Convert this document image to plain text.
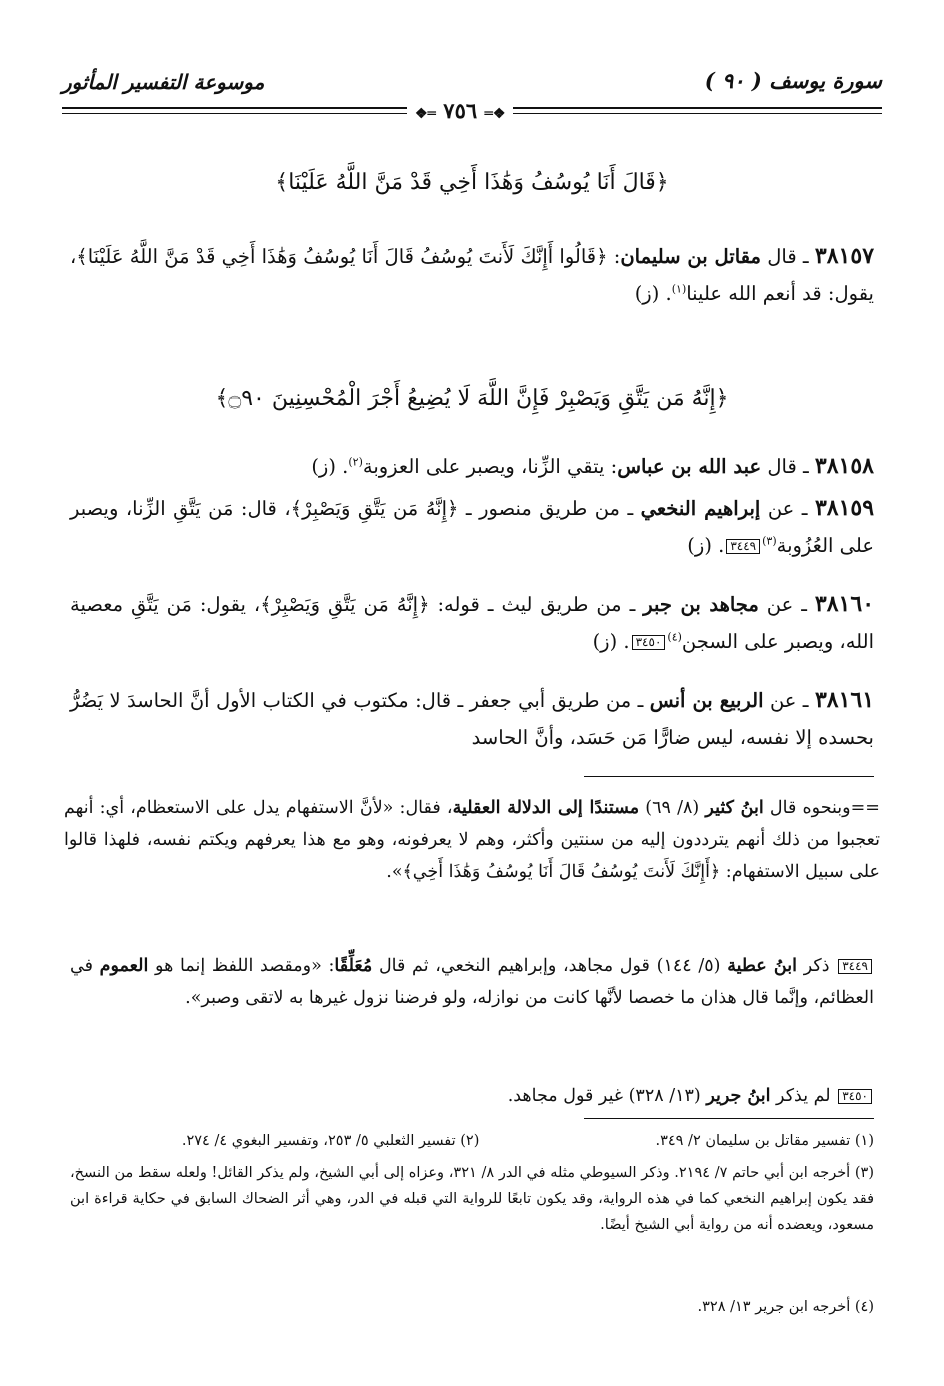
سورة يوسف ( ٩٠ )
موسوعة التفسير المأثور
❖═ ٧٥٦ ═❖
﴿قَالَ أَنَا يُوسُفُ وَهَٰذَا أَخِي قَدْ مَنَّ اللَّهُ عَلَيْنَا﴾
٣٨١٥٧ ـ قال مقاتل بن سليمان: ﴿قَالُوا أَإِنَّكَ لَأَنتَ يُوسُفُ قَالَ أَنَا يُوسُفُ وَهَٰذَا أَخِي قَدْ مَنَّ اللَّهُ عَلَيْنَا﴾، يقول: قد أنعم الله علينا$^{(١)}$. (ز)
﴿إِنَّهُ مَن يَتَّقِ وَيَصْبِرْ فَإِنَّ اللَّهَ لَا يُضِيعُ أَجْرَ الْمُحْسِنِينَ ۝٩٠﴾
٣٨١٥٨ ـ قال عبد الله بن عباس: يتقي الزِّنا، ويصبر على العزوبة$^{(٢)}$. (ز)
٣٨١٥٩ ـ عن إبراهيم النخعي ـ من طريق منصور ـ ﴿إِنَّهُ مَن يَتَّقِ وَيَصْبِرْ﴾، قال: مَن يَتَّقِ الزِّنا، ويصبر على العُزُوبة$^{(٣)}$٣٤٤٩. (ز)
٣٨١٦٠ ـ عن مجاهد بن جبر ـ من طريق ليث ـ قوله: ﴿إِنَّهُ مَن يَتَّقِ وَيَصْبِرْ﴾، يقول: مَن يَتَّقِ معصية الله، ويصبر على السجن$^{(٤)}$٣٤٥٠. (ز)
٣٨١٦١ ـ عن الربيع بن أنس ـ من طريق أبي جعفر ـ قال: مكتوب في الكتاب الأول أنَّ الحاسدَ لا يَضُرُّ بحسده إلا نفسه، ليس ضارًّا مَن حَسَد، وأنَّ الحاسد
==وبنحوه قال ابنُ كثير (٨/ ٦٩) مستندًا إلى الدلالة العقلية، فقال: «لأنَّ الاستفهام يدل على الاستعظام، أي: أنهم تعجبوا من ذلك أنهم يترددون إليه من سنتين وأكثر، وهم لا يعرفونه، وهو مع هذا يعرفهم ويكتم نفسه، فلهذا قالوا على سبيل الاستفهام: ﴿أَإِنَّكَ لَأَنتَ يُوسُفُ قَالَ أَنَا يُوسُفُ وَهَٰذَا أَخِي﴾».
٣٤٤٩ ذكر ابنُ عطية (٥/ ١٤٤) قول مجاهد، وإبراهيم النخعي، ثم قال مُعَلِّقًا: «ومقصد اللفظ إنما هو العموم في العظائم، وإنَّما قال هذان ما خصصا لأنَّها كانت من نوازله، ولو فرضنا نزول غيرها به لاتقى وصبر».
٣٤٥٠ لم يذكر ابنُ جرير (١٣/ ٣٢٨) غير قول مجاهد.
(١) تفسير مقاتل بن سليمان ٢/ ٣٤٩. (٢) تفسير الثعلبي ٥/ ٢٥٣، وتفسير البغوي ٤/ ٢٧٤.
(٣) أخرجه ابن أبي حاتم ٧/ ٢١٩٤. وذكر السيوطي مثله في الدر ٨/ ٣٢١، وعزاه إلى أبي الشيخ، ولم يذكر القائل! ولعله سقط من النسخ، فقد يكون إبراهيم النخعي كما في هذه الرواية، وقد يكون تابعًا للرواية التي قبله في الدر، وهي أثر الضحاك السابق في حكاية قراءة ابن مسعود، ويعضده أنه من رواية أبي الشيخ أيضًا.
(٤) أخرجه ابن جرير ١٣/ ٣٢٨.
